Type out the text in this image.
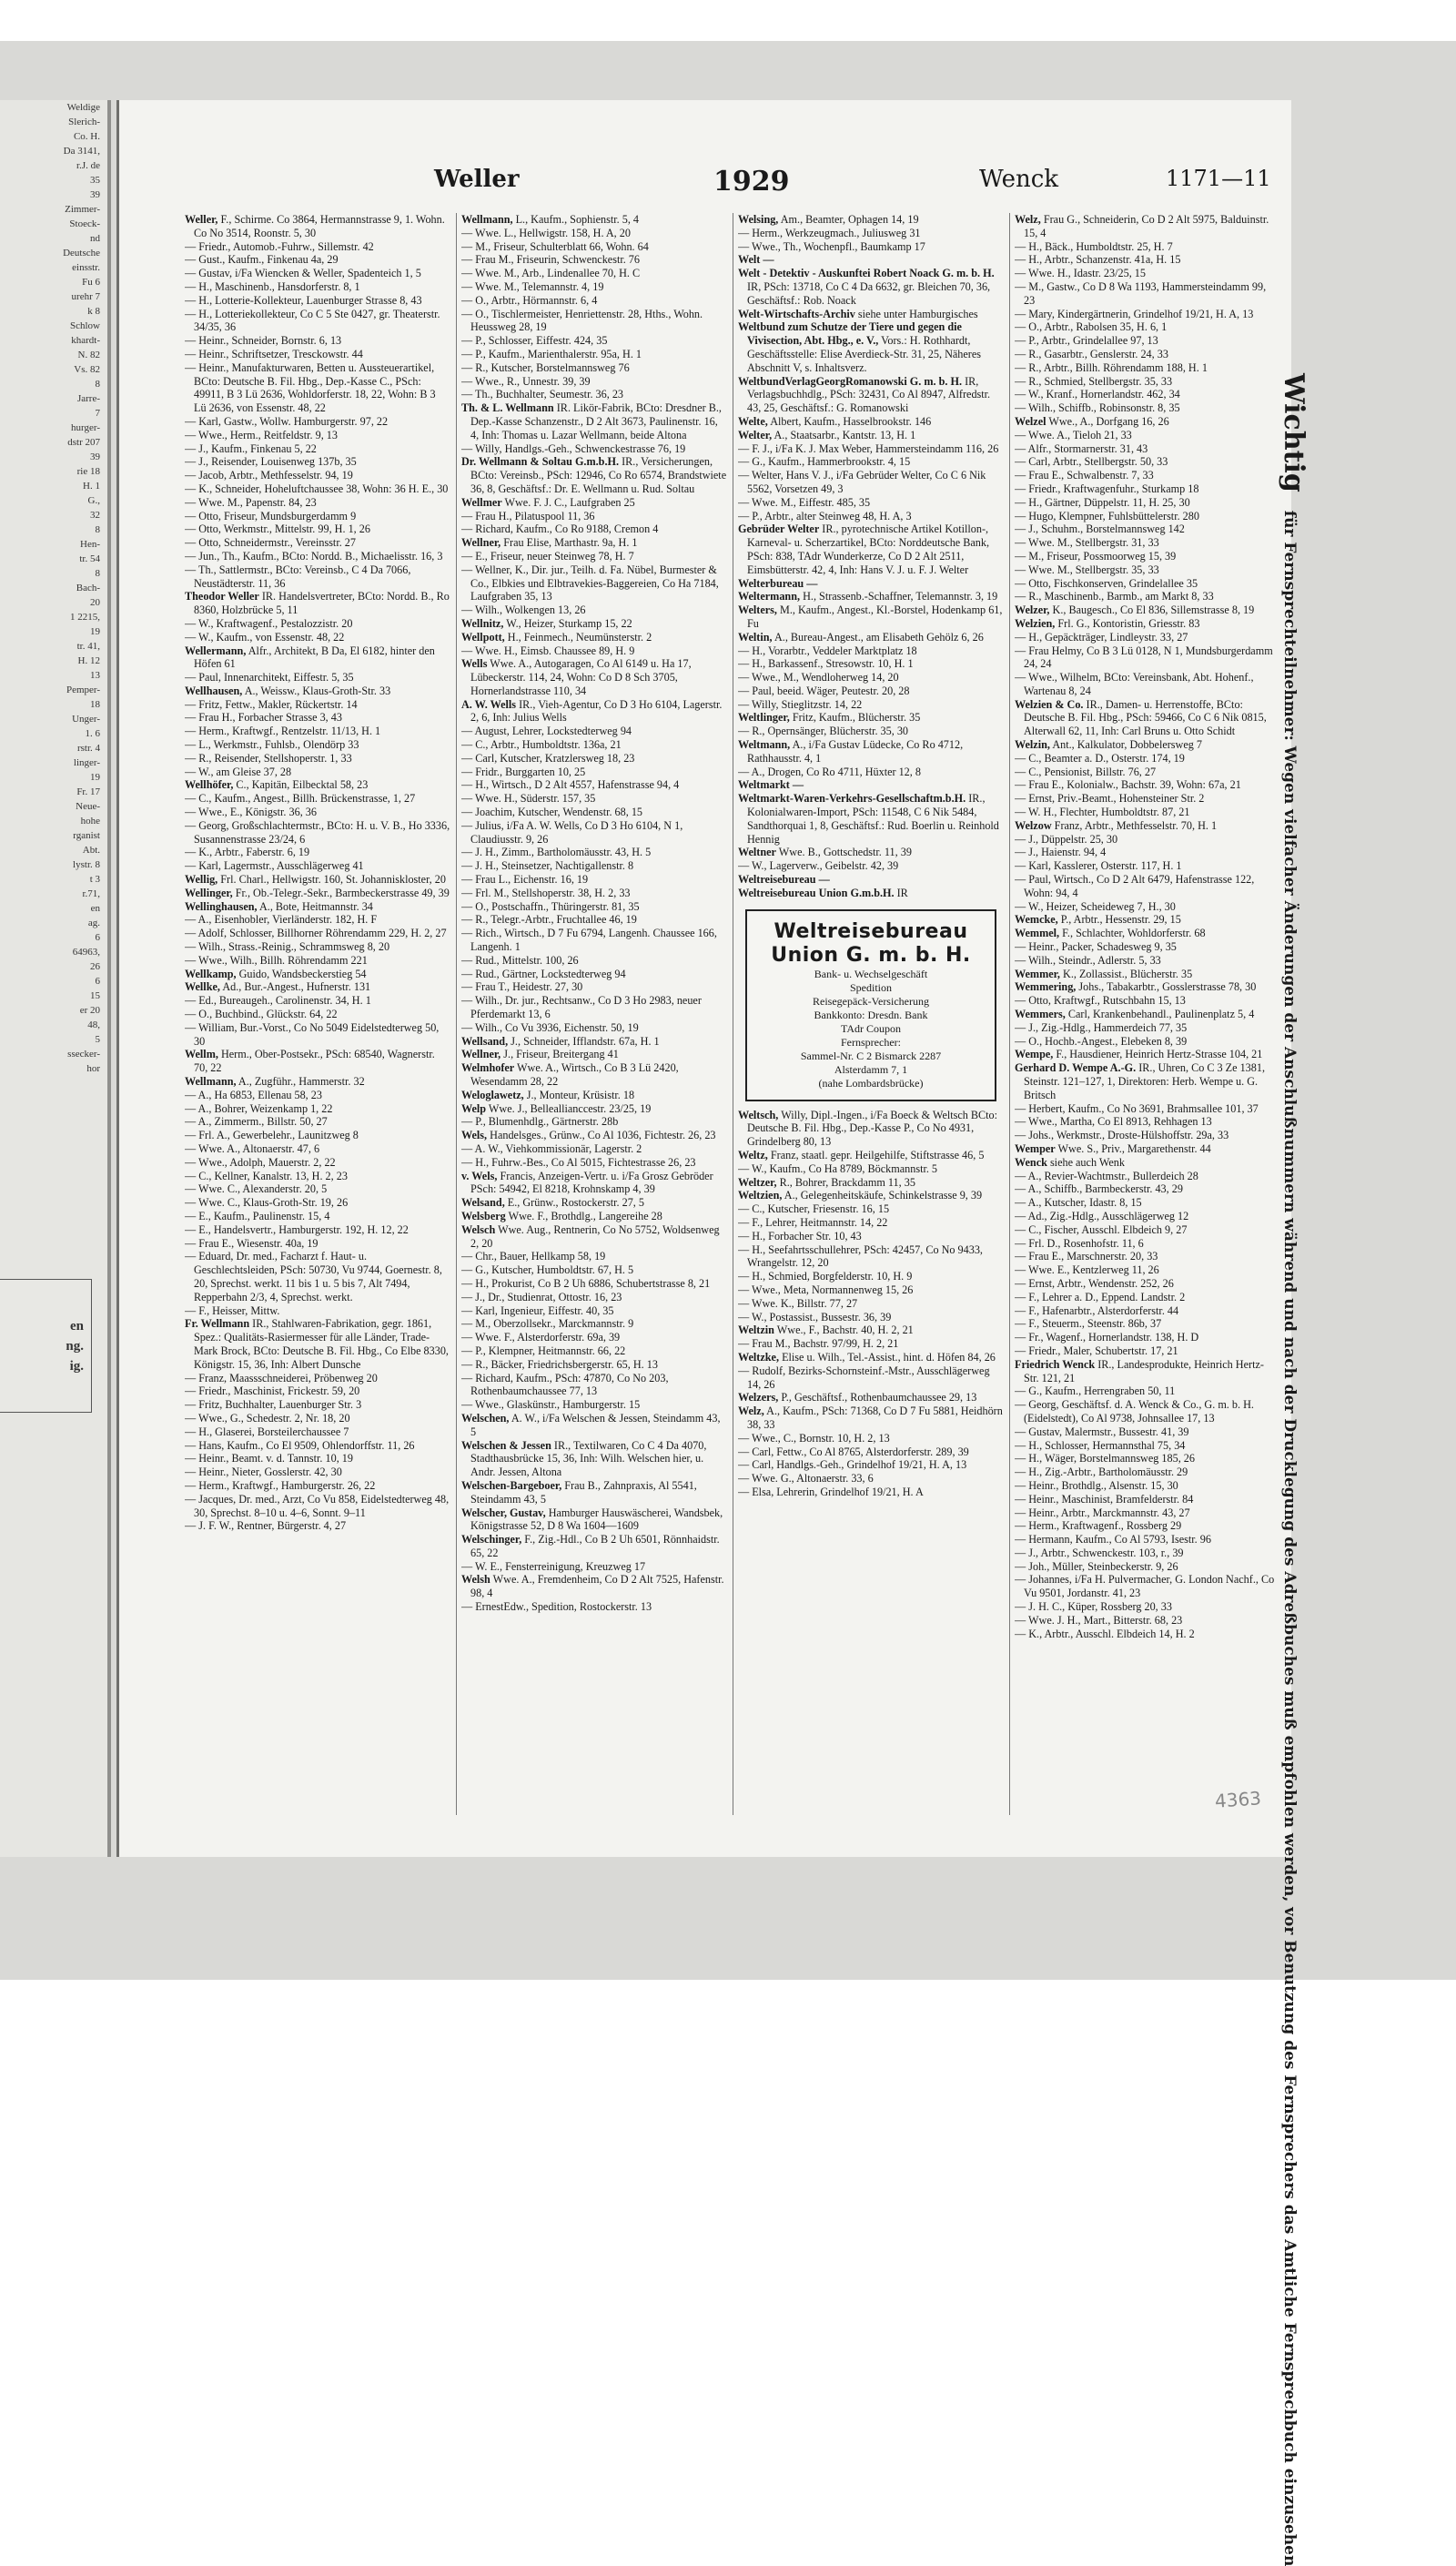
Weldige
Slerich-
Co. H.
Da 3141,
r.J. de
35
39
Zimmer-
Stoeck-
nd
Deutsche
einsstr.
Fu 6
urehr 7
k 8
Schlow
khardt-
N. 82
Vs. 82
8
Jarre-
7
hurger-
dstr 207
39
rie 18
H. 1
G.,
32
8
Hen-
tr. 54
8
Bach-
20
1 2215,
19
tr. 41,
H. 12
13
Pemper-
18
Unger-
1. 6
rstr. 4
linger-
19
Fr. 17
Neue-
hohe
rganist
Abt.
lystr. 8
t 3
r.71,
en
ag.
6
64963,
26
6
15
er 20
48,
5
ssecker-
hor
en
ng.
ig.
Weller	1929	Wenck	1171—11

Weller, F., Schirme. Co 3864, Hermannstrasse 9, 1. Wohn. Co No 3514, Roonstr. 5, 30

— Friedr., Automob.-Fuhrw., Sillemstr. 42

— Gust., Kaufm., Finkenau 4a, 29

— Gustav, i/Fa Wiencken & Weller, Spadenteich 1, 5

— H., Maschinenb., Hansdorferstr. 8, 1

— H., Lotterie-Kollekteur, Lauenburger Strasse 8, 43

— H., Lotteriekollekteur, Co C 5 Ste 0427, gr. Theaterstr. 34/35, 36

— Heinr., Schneider, Bornstr. 6, 13

— Heinr., Schriftsetzer, Tresckowstr. 44

— Heinr., Manufakturwaren, Betten u. Aussteuerartikel, BCto: Deutsche B. Fil. Hbg., Dep.-Kasse C., PSch: 49911, B 3 Lü 2636, Wohldorferstr. 18, 22, Wohn: B 3 Lü 2636, von Essenstr. 48, 22

— Karl, Gastw., Wollw. Hamburgerstr. 97, 22

— Wwe., Herm., Reitfeldstr. 9, 13

— J., Kaufm., Finkenau 5, 22

— J., Reisender, Louisenweg 137b, 35

— Jacob, Arbtr., Methfesselstr. 94, 19

— K., Schneider, Hoheluftchaussee 38, Wohn: 36 H. E., 30

— Wwe. M., Papenstr. 84, 23

— Otto, Friseur, Mundsburgerdamm 9

— Otto, Werkmstr., Mittelstr. 99, H. 1, 26

— Otto, Schneidermstr., Vereinsstr. 27

— Jun., Th., Kaufm., BCto: Nordd. B., Michaelisstr. 16, 3

— Th., Sattlermstr., BCto: Vereinsb., C 4 Da 7066, Neustädterstr. 11, 36

Theodor Weller IR. Handelsvertreter, BCto: Nordd. B., Ro 8360, Holzbrücke 5, 11

— W., Kraftwagenf., Pestalozzistr. 20

— W., Kaufm., von Essenstr. 48, 22

Wellermann, Alfr., Architekt, B Da, El 6182, hinter den Höfen 61

— Paul, Innenarchitekt, Eiffestr. 5, 35

Wellhausen, A., Weissw., Klaus-Groth-Str. 33

— Fritz, Fettw., Makler, Rückertstr. 14

— Frau H., Forbacher Strasse 3, 43

— Herm., Kraftwgf., Rentzelstr. 11/13, H. 1

— L., Werkmstr., Fuhlsb., Olendörp 33

— R., Reisender, Stellshoperstr. 1, 33

— W., am Gleise 37, 28

Wellhöfer, C., Kapitän, Eilbecktal 58, 23

— C., Kaufm., Angest., Billh. Brückenstrasse, 1, 27

— Wwe., E., Königstr. 36, 36

— Georg, Großschlachtermstr., BCto: H. u. V. B., Ho 3336, Susannenstrasse 23/24, 6

— K., Arbtr., Faberstr. 6, 19

— Karl, Lagermstr., Ausschlägerweg 41

Wellig, Frl. Charl., Hellwigstr. 160, St. Johanniskloster, 20

Wellinger, Fr., Ob.-Telegr.-Sekr., Barmbeckerstrasse 49, 39

Wellinghausen, A., Bote, Heitmannstr. 34

— A., Eisenhobler, Vierländerstr. 182, H. F

— Adolf, Schlosser, Billhorner Röhrendamm 229, H. 2, 27

— Wilh., Strass.-Reinig., Schrammsweg 8, 20

— Wwe., Wilh., Billh. Röhrendamm 221

Wellkamp, Guido, Wandsbeckerstieg 54

Wellke, Ad., Bur.-Angest., Hufnerstr. 131

— Ed., Bureaugeh., Carolinenstr. 34, H. 1

— O., Buchbind., Glückstr. 64, 22

— William, Bur.-Vorst., Co No 5049 Eidelstedterweg 50, 30

Wellm, Herm., Ober-Postsekr., PSch: 68540, Wagnerstr. 70, 22

Wellmann, A., Zugführ., Hammerstr. 32

— A., Ha 6853, Ellenau 58, 23

— A., Bohrer, Weizenkamp 1, 22

— A., Zimmerm., Billstr. 50, 27

— Frl. A., Gewerbelehr., Launitzweg 8

— Wwe. A., Altonaerstr. 47, 6

— Wwe., Adolph, Mauerstr. 2, 22

— C., Kellner, Kanalstr. 13, H. 2, 23

— Wwe. C., Alexanderstr. 20, 5

— Wwe. C., Klaus-Groth-Str. 19, 26

— E., Kaufm., Paulinenstr. 15, 4

— E., Handelsvertr., Hamburgerstr. 192, H. 12, 22

— Frau E., Wiesenstr. 40a, 19

— Eduard, Dr. med., Facharzt f. Haut- u. Geschlechtsleiden, PSch: 50730, Vu 9744, Goernestr. 8, 20, Sprechst. werkt. 11 bis 1 u. 5 bis 7, Alt 7494, Repperbahn 2/3, 4, Sprechst. werkt.

— F., Heisser, Mittw.

Fr. Wellmann IR., Stahlwaren-Fabrikation, gegr. 1861, Spez.: Qualitäts-Rasiermesser für alle Länder, Trade-Mark Brock, BCto: Deutsche B. Fil. Hbg., Co Elbe 8330, Königstr. 15, 36, Inh: Albert Dunsche

— Franz, Maassschneiderei, Pröbenweg 20

— Friedr., Maschinist, Frickestr. 59, 20

— Fritz, Buchhalter, Lauenburger Str. 3

— Wwe., G., Schedestr. 2, Nr. 18, 20

— H., Glaserei, Borsteilerchaussee 7

— Hans, Kaufm., Co El 9509, Ohlendorffstr. 11, 26

— Heinr., Beamt. v. d. Tannstr. 10, 19

— Heinr., Nieter, Gosslerstr. 42, 30

— Herm., Kraftwgf., Hamburgerstr. 26, 22

— Jacques, Dr. med., Arzt, Co Vu 858, Eidelstedterweg 48, 30, Sprechst. 8–10 u. 4–6, Sonnt. 9–11

— J. F. W., Rentner, Bürgerstr. 4, 27

Wellmann, L., Kaufm., Sophienstr. 5, 4

— Wwe. L., Hellwigstr. 158, H. A, 20

— M., Friseur, Schulterblatt 66, Wohn. 64

— Frau M., Friseurin, Schwenckestr. 76

— Wwe. M., Arb., Lindenallee 70, H. C

— Wwe. M., Telemannstr. 4, 19

— O., Arbtr., Hörmannstr. 6, 4

— O., Tischlermeister, Henriettenstr. 28, Hths., Wohn. Heussweg 28, 19

— P., Schlosser, Eiffestr. 424, 35

— P., Kaufm., Marienthalerstr. 95a, H. 1

— R., Kutscher, Borstelmannsweg 76

— Wwe., R., Unnestr. 39, 39

— Th., Buchhalter, Seumestr. 36, 23

Th. & L. Wellmann IR. Likör-Fabrik, BCto: Dresdner B., Dep.-Kasse Schanzenstr., D 2 Alt 3673, Paulinenstr. 16, 4, Inh: Thomas u. Lazar Wellmann, beide Altona

— Willy, Handlgs.-Geh., Schwenckestrasse 76, 19

Dr. Wellmann & Soltau G.m.b.H. IR., Versicherungen, BCto: Vereinsb., PSch: 12946, Co Ro 6574, Brandstwiete 36, 8, Geschäftsf.: Dr. E. Wellmann u. Rud. Soltau

Wellmer Wwe. F. J. C., Laufgraben 25

— Frau H., Pilatuspool 11, 36

— Richard, Kaufm., Co Ro 9188, Cremon 4

Wellner, Frau Elise, Marthastr. 9a, H. 1

— E., Friseur, neuer Steinweg 78, H. 7

— Wellner, K., Dir. jur., Teilh. d. Fa. Nübel, Burmester & Co., Elbkies und Elbtravekies-Baggereien, Co Ha 7184, Laufgraben 35, 13

— Wilh., Wolkengen 13, 26

Wellnitz, W., Heizer, Sturkamp 15, 22

Wellpott, H., Feinmech., Neumünsterstr. 2

— Wwe. H., Eimsb. Chaussee 89, H. 9

Wells Wwe. A., Autogaragen, Co Al 6149 u. Ha 17, Lübeckerstr. 114, 24, Wohn: Co D 8 Sch 3705, Hornerlandstrasse 110, 34

A. W. Wells IR., Vieh-Agentur, Co D 3 Ho 6104, Lagerstr. 2, 6, Inh: Julius Wells

— August, Lehrer, Lockstedterweg 94

— C., Arbtr., Humboldtstr. 136a, 21

— Carl, Kutscher, Kratzlersweg 18, 23

— Fridr., Burggarten 10, 25

— H., Wirtsch., D 2 Alt 4557, Hafenstrasse 94, 4

— Wwe. H., Süderstr. 157, 35

— Joachim, Kutscher, Wendenstr. 68, 15

— Julius, i/Fa A. W. Wells, Co D 3 Ho 6104, N 1, Claudiusstr. 9, 26

— J. H., Zimm., Bartholomäusstr. 43, H. 5

— J. H., Steinsetzer, Nachtigallenstr. 8

— Frau L., Eichenstr. 16, 19

— Frl. M., Stellshoperstr. 38, H. 2, 33

— O., Postschaffn., Thüringerstr. 81, 35

— R., Telegr.-Arbtr., Fruchtallee 46, 19

— Rich., Wirtsch., D 7 Fu 6794, Langenh. Chaussee 166, Langenh. 1

— Rud., Mittelstr. 100, 26

— Rud., Gärtner, Lockstedterweg 94

— Frau T., Heidestr. 27, 30

— Wilh., Dr. jur., Rechtsanw., Co D 3 Ho 2983, neuer Pferdemarkt 13, 6

— Wilh., Co Vu 3936, Eichenstr. 50, 19

Wellsand, J., Schneider, Ifflandstr. 67a, H. 1

Wellner, J., Friseur, Breitergang 41

Welmhofer Wwe. A., Wirtsch., Co B 3 Lü 2420, Wesendamm 28, 22

Weloglawetz, J., Monteur, Krüsistr. 18

Welp Wwe. J., Belleallianccestr. 23/25, 19

— P., Blumenhdlg., Gärtnerstr. 28b

Wels, Handelsges., Grünw., Co Al 1036, Fichtestr. 26, 23

— A. W., Viehkommissionär, Lagerstr. 2

— H., Fuhrw.-Bes., Co Al 5015, Fichtestrasse 26, 23

v. Wels, Francis, Anzeigen-Vertr. u. i/Fa Grosz Gebröder PSch: 54942, El 8218, Krohnskamp 4, 39

Welsand, E., Grünw., Rostockerstr. 27, 5

Welsberg Wwe. F., Brothdlg., Langereihe 28

Welsch Wwe. Aug., Rentnerin, Co No 5752, Woldsenweg 2, 20

— Chr., Bauer, Hellkamp 58, 19

— G., Kutscher, Humboldtstr. 67, H. 5

— H., Prokurist, Co B 2 Uh 6886, Schubertstrasse 8, 21

— J., Dr., Studienrat, Ottostr. 16, 23

— Karl, Ingenieur, Eiffestr. 40, 35

— M., Oberzollsekr., Marckmannstr. 9

— Wwe. F., Alsterdorferstr. 69a, 39

— P., Klempner, Heitmannstr. 66, 22

— R., Bäcker, Friedrichsbergerstr. 65, H. 13

— Richard, Kaufm., PSch: 47870, Co No 203, Rothenbaumchaussee 77, 13

— Wwe., Glaskünstr., Hamburgerstr. 15

Welschen, A. W., i/Fa Welschen & Jessen, Steindamm 43, 5

Welschen & Jessen IR., Textilwaren, Co C 4 Da 4070, Stadthausbrücke 15, 36, Inh: Wilh. Welschen hier, u. Andr. Jessen, Altona

Welschen-Bargeboer, Frau B., Zahnpraxis, Al 5541, Steindamm 43, 5

Welscher, Gustav, Hamburger Hauswäscherei, Wandsbek, Königstrasse 52, D 8 Wa 1604—1609

Welschinger, F., Zig.-Hdl., Co B 2 Uh 6501, Rönnhaidstr. 65, 22

— W. E., Fensterreinigung, Kreuzweg 17

Welsh Wwe. A., Fremdenheim, Co D 2 Alt 7525, Hafenstr. 98, 4

— ErnestEdw., Spedition, Rostockerstr. 13

Welsing, Am., Beamter, Ophagen 14, 19

— Herm., Werkzeugmach., Juliusweg 31

— Wwe., Th., Wochenpfl., Baumkamp 17

Welt —

Welt - Detektiv - Auskunftei Robert Noack G. m. b. H. IR, PSch: 13718, Co C 4 Da 6632, gr. Bleichen 70, 36, Geschäftsf.: Rob. Noack

Welt-Wirtschafts-Archiv siehe unter Hamburgisches

Weltbund zum Schutze der Tiere und gegen die Vivisection, Abt. Hbg., e. V., Vors.: H. Rothhardt, Geschäftsstelle: Elise Averdieck-Str. 31, 25, Näheres Abschnitt V, s. Inhaltsverz.

WeltbundVerlagGeorgRomanowski G. m. b. H. IR, Verlagsbuchhdlg., PSch: 32431, Co Al 8947, Alfredstr. 43, 25, Geschäftsf.: G. Romanowski

Welte, Albert, Kaufm., Hasselbrookstr. 146

Welter, A., Staatsarbr., Kantstr. 13, H. 1

— F. J., i/Fa K. J. Max Weber, Hammersteindamm 116, 26

— G., Kaufm., Hammerbrookstr. 4, 15

— Welter, Hans V. J., i/Fa Gebrüder Welter, Co C 6 Nik 5562, Vorsetzen 49, 3

— Wwe. M., Eiffestr. 485, 35

— P., Arbtr., alter Steinweg 48, H. A, 3

Gebrüder Welter IR., pyrotechnische Artikel Kotillon-, Karneval- u. Scherzartikel, BCto: Norddeutsche Bank, PSch: 838, TAdr Wunderkerze, Co D 2 Alt 2511, Eimsbütterstr. 42, 4, Inh: Hans V. J. u. F. J. Welter

Welterbureau —

Weltermann, H., Strassenb.-Schaffner, Telemannstr. 3, 19

Welters, M., Kaufm., Angest., Kl.-Borstel, Hodenkamp 61, Fu

Weltin, A., Bureau-Angest., am Elisabeth Gehölz 6, 26

— H., Vorarbtr., Veddeler Marktplatz 18

— H., Barkassenf., Stresowstr. 10, H. 1

— Wwe., M., Wendloherweg 14, 20

— Paul, beeid. Wäger, Peutestr. 20, 28

— Willy, Stieglitzstr. 14, 22

Weltlinger, Fritz, Kaufm., Blücherstr. 35

— R., Opernsänger, Blücherstr. 35, 30

Weltmann, A., i/Fa Gustav Lüdecke, Co Ro 4712, Rathhausstr. 4, 1

— A., Drogen, Co Ro 4711, Hüxter 12, 8

Weltmarkt —

Weltmarkt-Waren-Verkehrs-Gesellschaftm.b.H. IR., Kolonialwaren-Import, PSch: 11548, C 6 Nik 5484, Sandthorquai 1, 8, Geschäftsf.: Rud. Boerlin u. Reinhold Hennig

Weltner Wwe. B., Gottschedstr. 11, 39

— W., Lagerverw., Geibelstr. 42, 39

Weltreisebureau —

Weltreisebureau Union G.m.b.H. IR

Weltreisebureau
Union G. m. b. H.
Bank- u. Wechselgeschäft
Spedition
Reisegepäck-Versicherung
Bankkonto: Dresdn. Bank
TAdr Coupon
Fernsprecher:
Sammel-Nr. C 2 Bismarck 2287
Alsterdamm 7, 1
(nahe Lombardsbrücke)

Weltsch, Willy, Dipl.-Ingen., i/Fa Boeck & Weltsch BCto: Deutsche B. Fil. Hbg., Dep.-Kasse P., Co No 4931, Grindelberg 80, 13

Weltz, Franz, staatl. gepr. Heilgehilfe, Stiftstrasse 46, 5

— W., Kaufm., Co Ha 8789, Böckmannstr. 5

Weltzer, R., Bohrer, Brackdamm 11, 35

Weltzien, A., Gelegenheitskäufe, Schinkelstrasse 9, 39

— C., Kutscher, Friesenstr. 16, 15

— F., Lehrer, Heitmannstr. 14, 22

— H., Forbacher Str. 10, 43

— H., Seefahrtsschullehrer, PSch: 42457, Co No 9433, Wrangelstr. 12, 20

— H., Schmied, Borgfelderstr. 10, H. 9

— Wwe., Meta, Normannenweg 15, 26

— Wwe. K., Billstr. 77, 27

— W., Postassist., Bussestr. 36, 39

Weltzin Wwe., F., Bachstr. 40, H. 2, 21

— Frau M., Bachstr. 97/99, H. 2, 21

Weltzke, Elise u. Wilh., Tel.-Assist., hint. d. Höfen 84, 26

— Rudolf, Bezirks-Schornsteinf.-Mstr., Ausschlägerweg 14, 26

Welzers, P., Geschäftsf., Rothenbaumchaussee 29, 13

Welz, A., Kaufm., PSch: 71368, Co D 7 Fu 5881, Heidhörn 38, 33

— Wwe., C., Bornstr. 10, H. 2, 13

— Carl, Fettw., Co Al 8765, Alsterdorferstr. 289, 39

— Carl, Handlgs.-Geh., Grindelhof 19/21, H. A, 13

— Wwe. G., Altonaerstr. 33, 6

— Elsa, Lehrerin, Grindelhof 19/21, H. A

Welz, Frau G., Schneiderin, Co D 2 Alt 5975, Balduinstr. 15, 4

— H., Bäck., Humboldtstr. 25, H. 7

— H., Arbtr., Schanzenstr. 41a, H. 15

— Wwe. H., Idastr. 23/25, 15

— M., Gastw., Co D 8 Wa 1193, Hammersteindamm 99, 23

— Mary, Kindergärtnerin, Grindelhof 19/21, H. A, 13

— O., Arbtr., Rabolsen 35, H. 6, 1

— P., Arbtr., Grindelallee 97, 13

— R., Gasarbtr., Genslerstr. 24, 33

— R., Arbtr., Billh. Röhrendamm 188, H. 1

— R., Schmied, Stellbergstr. 35, 33

— W., Kranf., Hornerlandstr. 462, 34

— Wilh., Schiffb., Robinsonstr. 8, 35

Welzel Wwe., A., Dorfgang 16, 26

— Wwe. A., Tieloh 21, 33

— Alfr., Stormarnerstr. 31, 43

— Carl, Arbtr., Stellbergstr. 50, 33

— Frau E., Schwalbenstr. 7, 33

— Friedr., Kraftwagenfuhr., Sturkamp 18

— H., Gärtner, Düppelstr. 11, H. 25, 30

— Hugo, Klempner, Fuhlsbüttelerstr. 280

— J., Schuhm., Borstelmannsweg 142

— Wwe. M., Stellbergstr. 31, 33

— M., Friseur, Possmoorweg 15, 39

— Wwe. M., Stellbergstr. 35, 33

— Otto, Fischkonserven, Grindelallee 35

— R., Maschinenb., Barmb., am Markt 8, 33

Welzer, K., Baugesch., Co El 836, Sillemstrasse 8, 19

Welzien, Frl. G., Kontoristin, Griesstr. 83

— H., Gepäckträger, Lindleystr. 33, 27

— Frau Helmy, Co B 3 Lü 0128, N 1, Mundsburgerdamm 24, 24

— Wwe., Wilhelm, BCto: Vereinsbank, Abt. Hohenf., Wartenau 8, 24

Welzien & Co. IR., Damen- u. Herrenstoffe, BCto: Deutsche B. Fil. Hbg., PSch: 59466, Co C 6 Nik 0815, Alterwall 62, 11, Inh: Carl Bruns u. Otto Schidt

Welzin, Ant., Kalkulator, Dobbelersweg 7

— C., Beamter a. D., Osterstr. 174, 19

— C., Pensionist, Billstr. 76, 27

— Frau E., Kolonialw., Bachstr. 39, Wohn: 67a, 21

— Ernst, Priv.-Beamt., Hohensteiner Str. 2

— W. H., Flechter, Humboldtstr. 87, 21

Welzow Franz, Arbtr., Methfesselstr. 70, H. 1

— J., Düppelstr. 25, 30

— J., Haienstr. 94, 4

— Karl, Kasslerer, Osterstr. 117, H. 1

— Paul, Wirtsch., Co D 2 Alt 6479, Hafenstrasse 122, Wohn: 94, 4

— W., Heizer, Scheideweg 7, H., 30

Wemcke, P., Arbtr., Hessenstr. 29, 15

Wemmel, F., Schlachter, Wohldorferstr. 68

— Heinr., Packer, Schadesweg 9, 35

— Wilh., Steindr., Adlerstr. 5, 33

Wemmer, K., Zollassist., Blücherstr. 35

Wemmering, Johs., Tabakarbtr., Gosslerstrasse 78, 30

— Otto, Kraftwgf., Rutschbahn 15, 13

Wemmers, Carl, Krankenbehandl., Paulinenplatz 5, 4

— J., Zig.-Hdlg., Hammerdeich 77, 35

— O., Hochb.-Angest., Elebeken 8, 39

Wempe, F., Hausdiener, Heinrich Hertz-Strasse 104, 21

Gerhard D. Wempe A.-G. IR., Uhren, Co C 3 Ze 1381, Steinstr. 121–127, 1, Direktoren: Herb. Wempe u. G. Britsch

— Herbert, Kaufm., Co No 3691, Brahmsallee 101, 37

— Wwe., Martha, Co El 8913, Rehhagen 13

— Johs., Werkmstr., Droste-Hülshoffstr. 29a, 33

Wemper Wwe. S., Priv., Margarethenstr. 44

Wenck siehe auch Wenk

— A., Revier-Wachtmstr., Bullerdeich 28

— A., Schiffb., Barmbeckerstr. 43, 29

— A., Kutscher, Idastr. 8, 15

— Ad., Zig.-Hdlg., Ausschlägerweg 12

— C., Fischer, Ausschl. Elbdeich 9, 27

— Frl. D., Rosenhofstr. 11, 6

— Frau E., Marschnerstr. 20, 33

— Wwe. E., Kentzlerweg 11, 26

— Ernst, Arbtr., Wendenstr. 252, 26

— F., Lehrer a. D., Eppend. Landstr. 2

— F., Hafenarbtr., Alsterdorferstr. 44

— F., Steuerm., Steenstr. 86b, 37

— Fr., Wagenf., Hornerlandstr. 138, H. D

— Friedr., Maler, Schubertstr. 17, 21

Friedrich Wenck IR., Landesprodukte, Heinrich Hertz-Str. 121, 21

— G., Kaufm., Herrengraben 50, 11

— Georg, Geschäftsf. d. A. Wenck & Co., G. m. b. H. (Eidelstedt), Co Al 9738, Johnsallee 17, 13

— Gustav, Malermstr., Bussestr. 41, 39

— H., Schlosser, Hermannsthal 75, 34

— H., Wäger, Borstelmannsweg 185, 26

— H., Zig.-Arbtr., Bartholomäusstr. 29

— Heinr., Brothdlg., Alsenstr. 15, 30

— Heinr., Maschinist, Bramfelderstr. 84

— Heinr., Arbtr., Marckmannstr. 43, 27

— Herm., Kraftwagenf., Rossberg 29

— Hermann, Kaufm., Co Al 5793, Isestr. 96

— J., Arbtr., Schwenckestr. 103, r., 39

— Joh., Müller, Steinbeckerstr. 9, 26

— Johannes, i/Fa H. Pulvermacher, G. London Nachf., Co Vu 9501, Jordanstr. 41, 23

— J. H. C., Küper, Rossberg 20, 33

— Wwe. J. H., Mart., Bitterstr. 68, 23

— K., Arbtr., Ausschl. Elbdeich 14, H. 2

Wichtig für Fernsprechteilnehmer: Wegen vielfacher Änderungen der Anschlußnummern während und nach der Drucklegung des Adreßbuches muß empfohlen werden, vor Benutzung des Fernsprechers das Amtliche Fernsprechbuch einzusehen
4363
